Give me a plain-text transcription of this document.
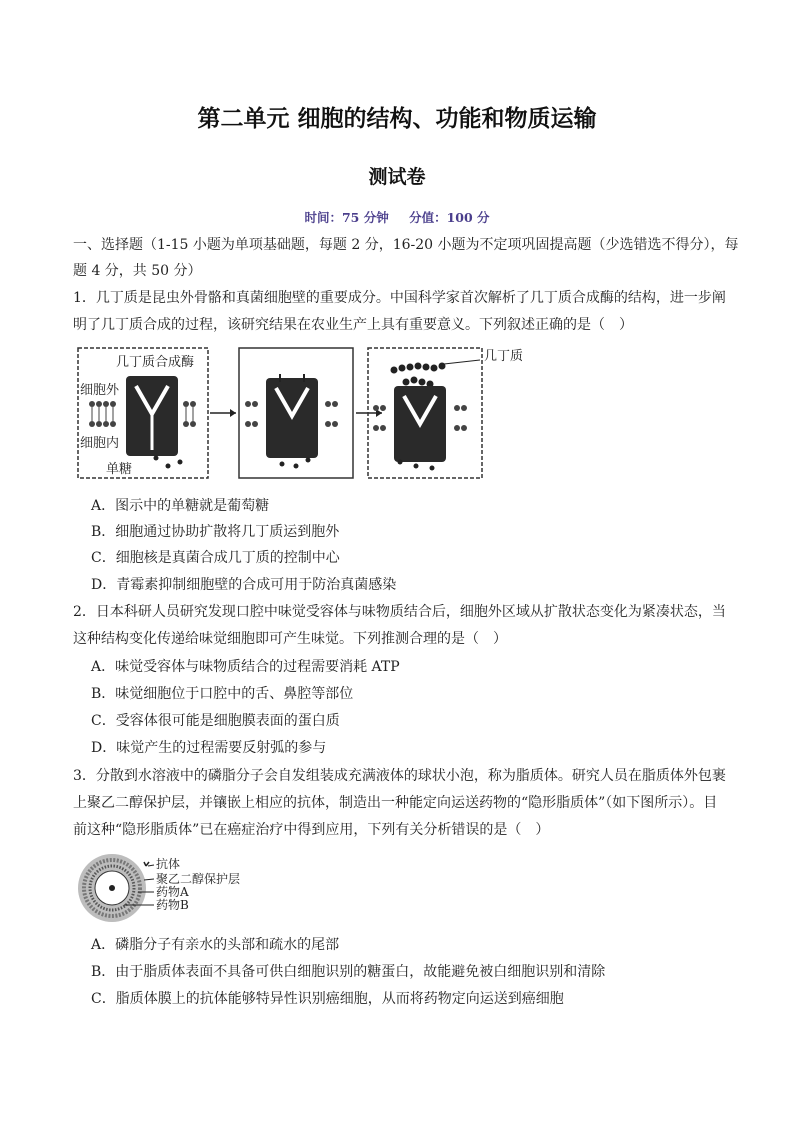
第二单元 细胞的结构、功能和物质运输
测试卷
时间：75 分钟 分值：100 分
一、选择题（1-15 小题为单项基础题，每题 2 分，16-20 小题为不定项巩固提高题（少选错选不得分），每
题 4 分，共 50 分）
1．几丁质是昆虫外骨骼和真菌细胞壁的重要成分。中国科学家首次解析了几丁质合成酶的结构，进一步阐
明了几丁质合成的过程，该研究结果在农业生产上具有重要意义。下列叙述正确的是（　）
几丁质合成酶
细胞外
细胞内
单糖
几丁质
A．图示中的单糖就是葡萄糖
B．细胞通过协助扩散将几丁质运到胞外
C．细胞核是真菌合成几丁质的控制中心
D．青霉素抑制细胞壁的合成可用于防治真菌感染
2．日本科研人员研究发现口腔中味觉受容体与味物质结合后，细胞外区域从扩散状态变化为紧凑状态，当
这种结构变化传递给味觉细胞即可产生味觉。下列推测合理的是（　）
A．味觉受容体与味物质结合的过程需要消耗 ATP
B．味觉细胞位于口腔中的舌、鼻腔等部位
C．受容体很可能是细胞膜表面的蛋白质
D．味觉产生的过程需要反射弧的参与
3．分散到水溶液中的磷脂分子会自发组装成充满液体的球状小泡，称为脂质体。研究人员在脂质体外包裹
上聚乙二醇保护层，并镶嵌上相应的抗体，制造出一种能定向运送药物的“隐形脂质体”（如下图所示）。目
前这种“隐形脂质体”已在癌症治疗中得到应用，下列有关分析错误的是（　）
抗体
聚乙二醇保护层
药物A
药物B
A．磷脂分子有亲水的头部和疏水的尾部
B．由于脂质体表面不具备可供白细胞识别的糖蛋白，故能避免被白细胞识别和清除
C．脂质体膜上的抗体能够特异性识别癌细胞，从而将药物定向运送到癌细胞
